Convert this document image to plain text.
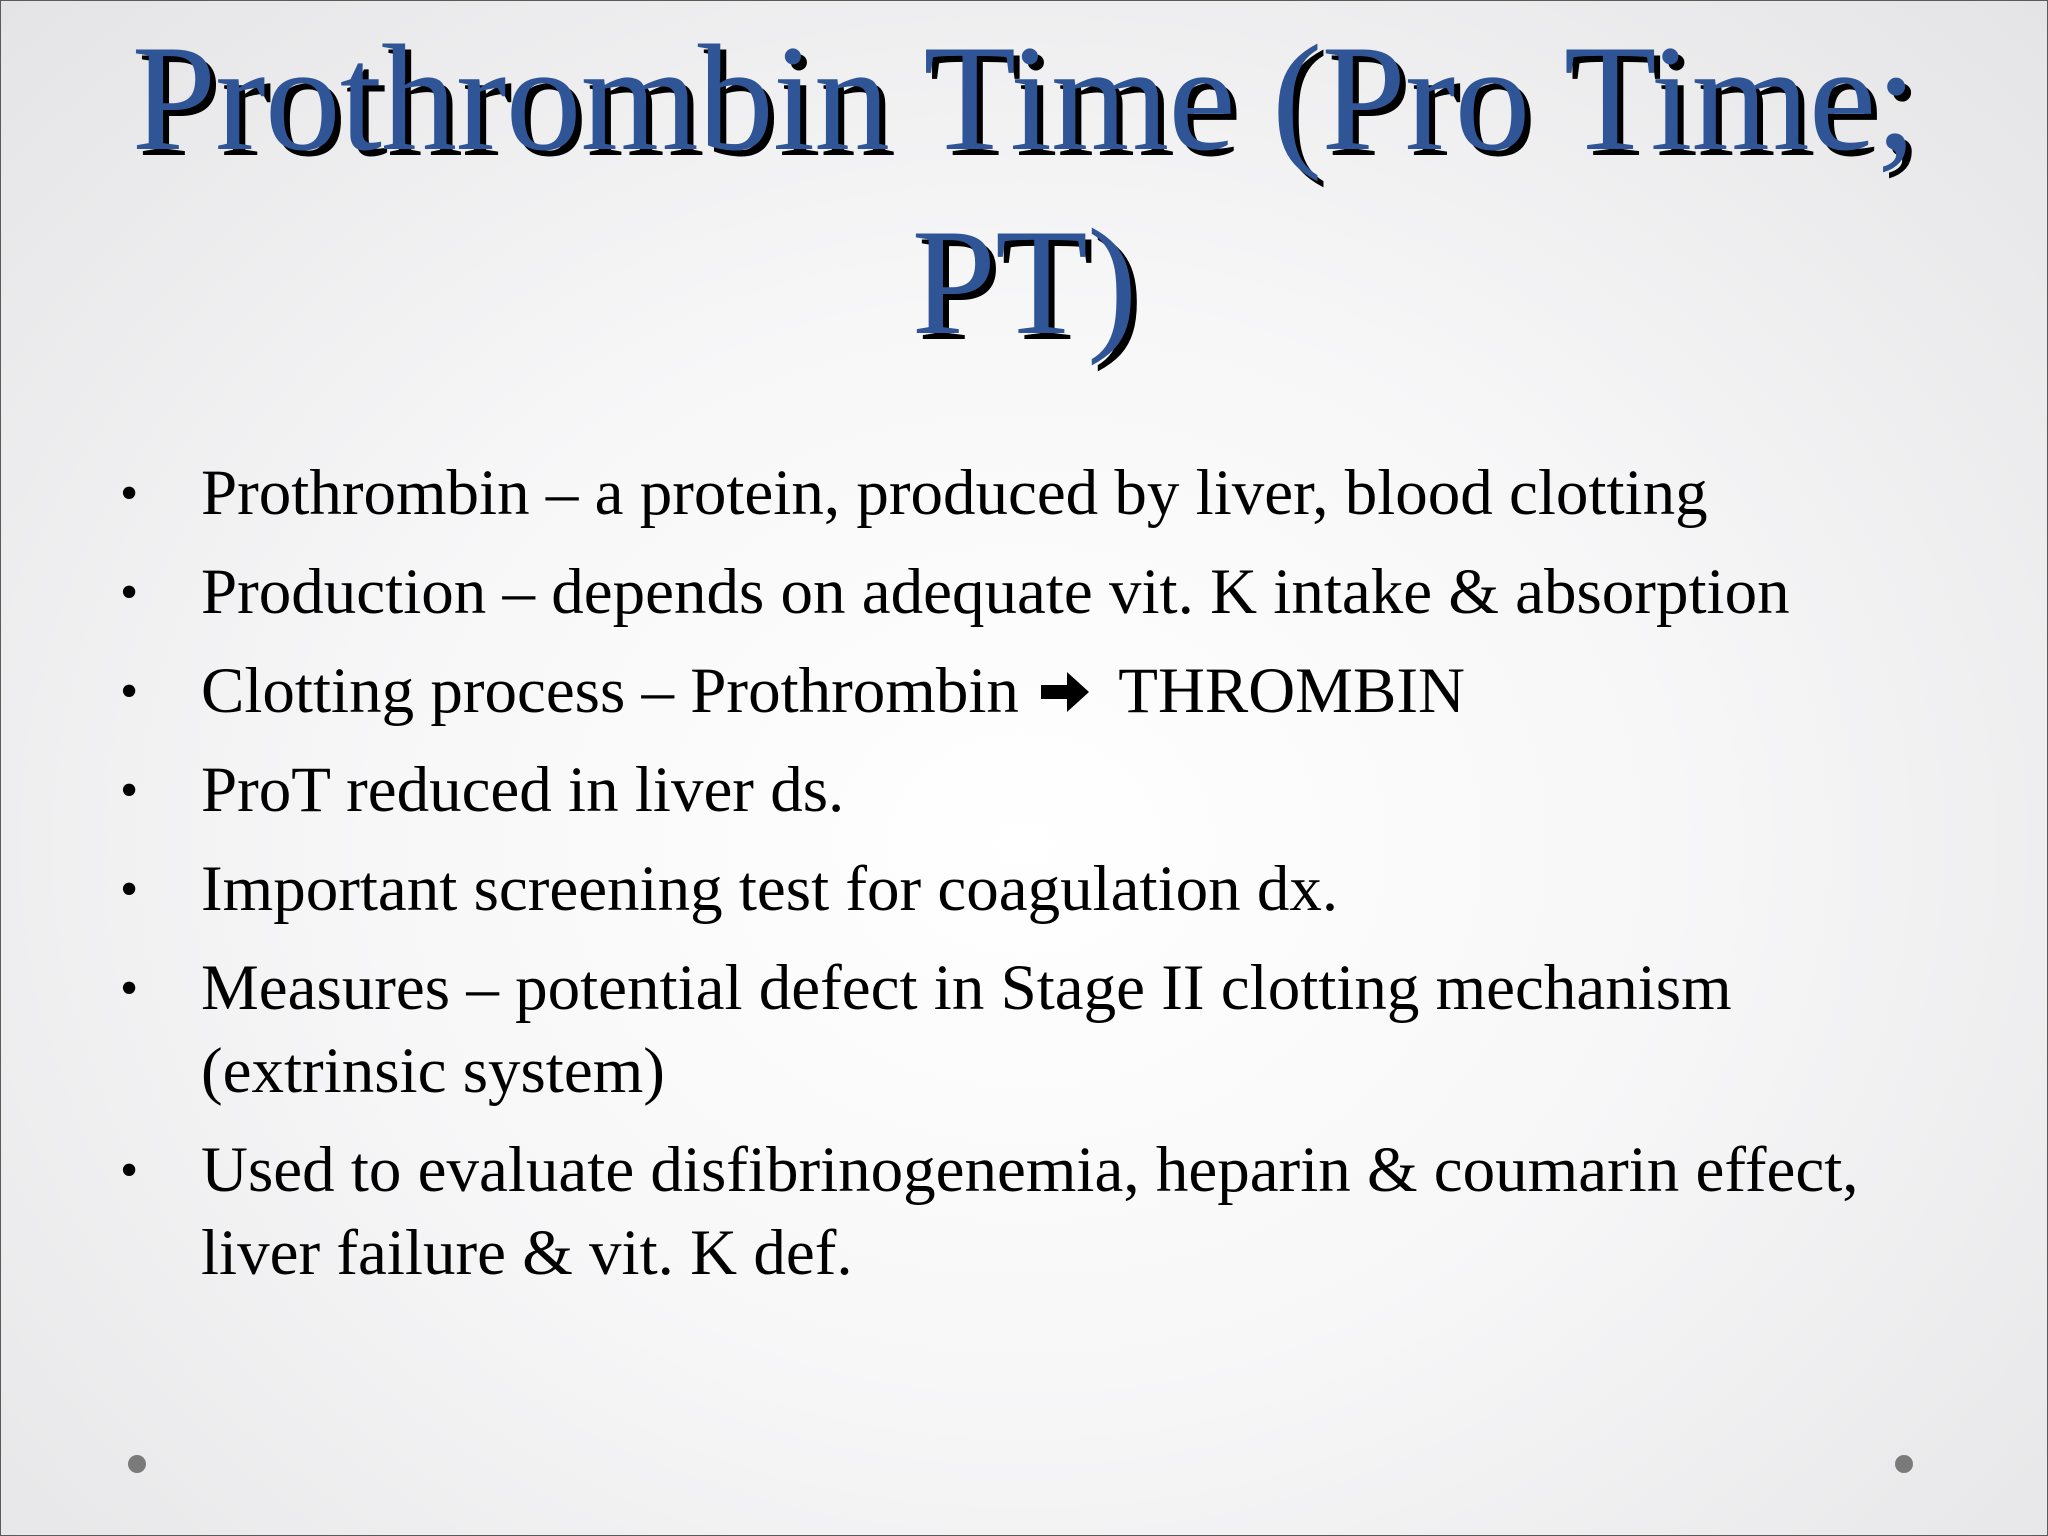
Prothrombin Time (Pro Time; PT)
• Prothrombin – a protein, produced by liver, blood clotting
• Production – depends on adequate vit. K intake & absorption
• Clotting process – Prothrombin THROMBIN
• ProT reduced in liver ds.
• Important screening test for coagulation dx.
• Measures – potential defect in Stage II clotting mechanism (extrinsic system)
• Used to evaluate disfibrinogenemia, heparin & coumarin effect, liver failure & vit. K def.
